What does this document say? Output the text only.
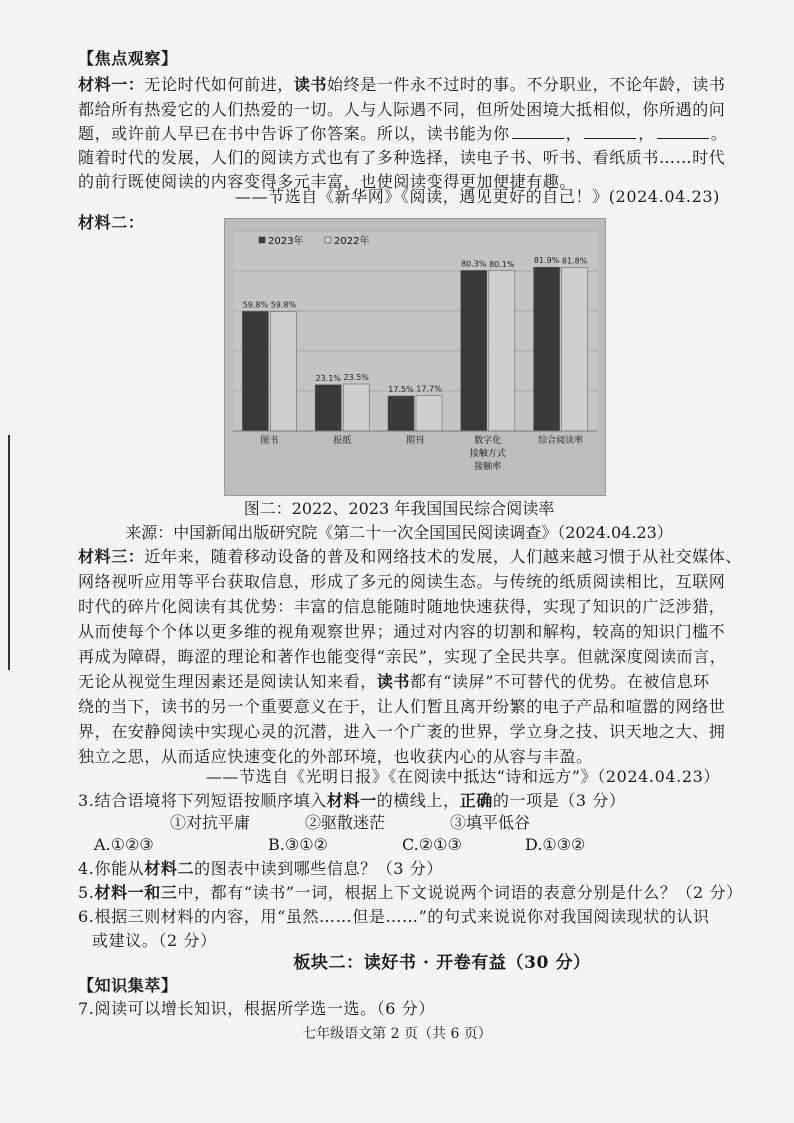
【焦点观察】
材料一：无论时代如何前进，读书始终是一件永不过时的事。不分职业，不论年龄，读书
都给所有热爱它的人们热爱的一切。人与人际遇不同，但所处困境大抵相似，你所遇的问
题，或许前人早已在书中告诉了你答案。所以，读书能为你	，	，	。
随着时代的发展，人们的阅读方式也有了多种选择，读电子书、听书、看纸质书……时代
的前行既使阅读的内容变得多元丰富，也使阅读变得更加便捷有趣。
——节选自《新华网》《阅读，遇见更好的自己！》(2024.04.23)
材料二：
59.8% 59.8%
图书
23.1% 23.5%
报纸
17.5% 17.7%
期刊
80.3% 80.1%
数字化
接触方式
接触率
81.9% 81.8%
综合阅读率
2023年	2022年
图二：2022、2023 年我国国民综合阅读率
来源：中国新闻出版研究院《第二十一次全国国民阅读调查》（2024.04.23）
材料三：近年来，随着移动设备的普及和网络技术的发展，人们越来越习惯于从社交媒体、
网络视听应用等平台获取信息，形成了多元的阅读生态。与传统的纸质阅读相比，互联网
时代的碎片化阅读有其优势：丰富的信息能随时随地快速获得，实现了知识的广泛涉猎，
从而使每个个体以更多维的视角观察世界；通过对内容的切割和解构，较高的知识门槛不
再成为障碍，晦涩的理论和著作也能变得“亲民”，实现了全民共享。但就深度阅读而言，
无论从视觉生理因素还是阅读认知来看，读书都有“读屏”不可替代的优势。在被信息环
绕的当下，读书的另一个重要意义在于，让人们暂且离开纷繁的电子产品和喧嚣的网络世
界，在安静阅读中实现心灵的沉潜，进入一个广袤的世界，学立身之技、识天地之大、拥
独立之思，从而适应快速变化的外部环境，也收获内心的从容与丰盈。
——节选自《光明日报》《在阅读中抵达“诗和远方”》（2024.04.23）
3.结合语境将下列短语按顺序填入材料一的横线上，正确的一项是（3 分）
①对抗平庸	②驱散迷茫	③填平低谷
A.①②③	B.③①②	C.②①③	D.①③②
4.你能从材料二的图表中读到哪些信息？（3 分）
5.材料一和三中，都有“读书”一词，根据上下文说说两个词语的表意分别是什么？（2 分）
6.根据三则材料的内容，用“虽然……但是……”的句式来说说你对我国阅读现状的认识
或建议。（2 分）
板块二：读好书 · 开卷有益（30 分）
【知识集萃】
7.阅读可以增长知识，根据所学选一选。（6 分）
七年级语文第 2 页（共 6 页）
